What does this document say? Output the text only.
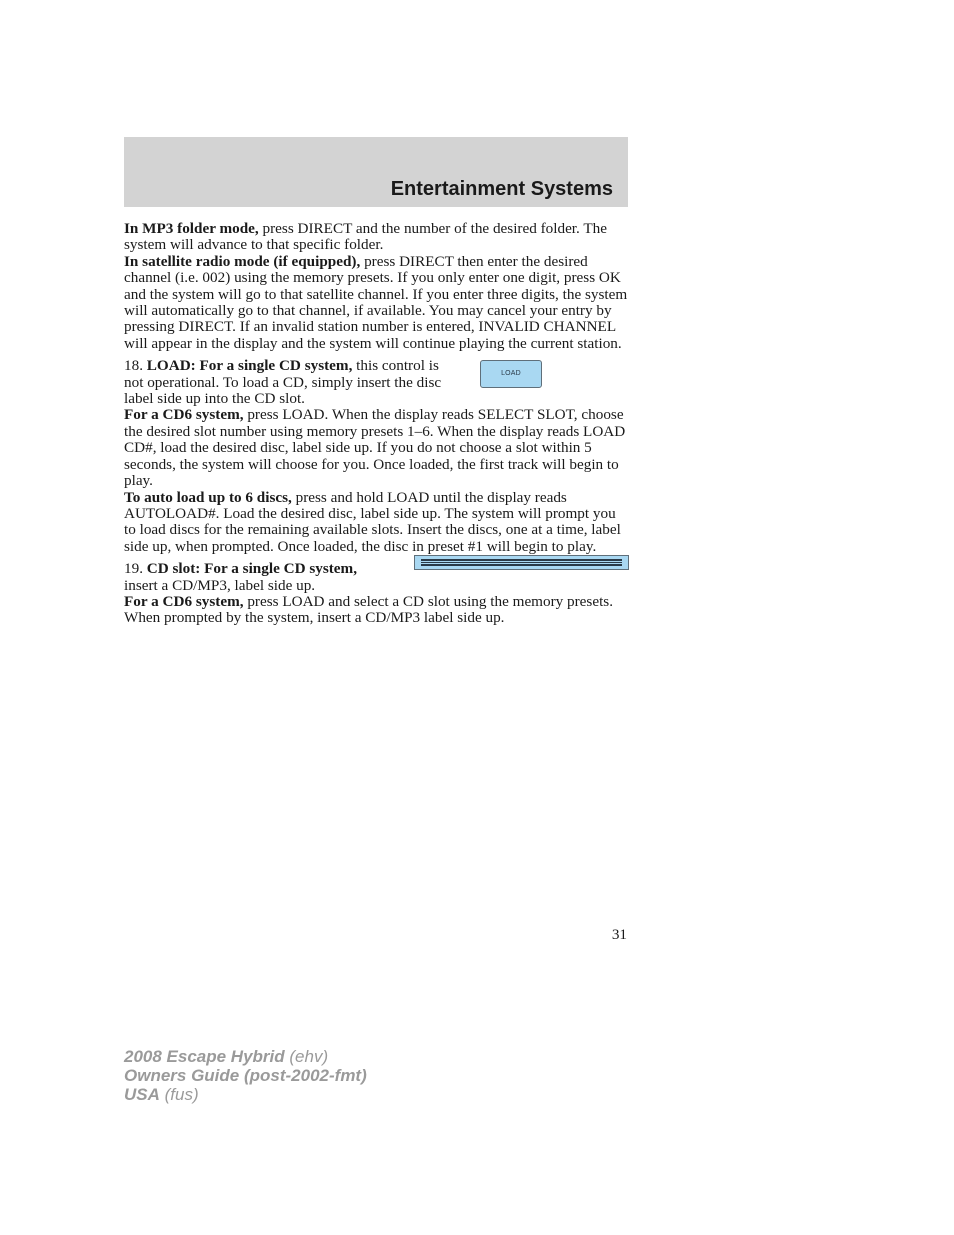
Entertainment Systems

In MP3 folder mode, press DIRECT and the number of the desired folder. The system will advance to that specific folder.

In satellite radio mode (if equipped), press DIRECT then enter the desired channel (i.e. 002) using the memory presets. If you only enter one digit, press OK and the system will go to that satellite channel. If you enter three digits, the system will automatically go to that channel, if available. You may cancel your entry by pressing DIRECT. If an invalid station number is entered, INVALID CHANNEL will appear in the display and the system will continue playing the current station.

LOAD

18. LOAD: For a single CD system, this control is not operational. To load a CD, simply insert the disc label side up into the CD slot.

For a CD6 system, press LOAD. When the display reads SELECT SLOT, choose the desired slot number using memory presets 1–6. When the display reads LOAD CD#, load the desired disc, label side up. If you do not choose a slot within 5 seconds, the system will choose for you. Once loaded, the first track will begin to play.

To auto load up to 6 discs, press and hold LOAD until the display reads AUTOLOAD#. Load the desired disc, label side up. The system will prompt you to load discs for the remaining available slots. Insert the discs, one at a time, label side up, when prompted. Once loaded, the disc in preset #1 will begin to play.

19. CD slot: For a single CD system, insert a CD/MP3, label side up.

For a CD6 system, press LOAD and select a CD slot using the memory presets. When prompted by the system, insert a CD/MP3 label side up.

31
2008 Escape Hybrid (ehv)
Owners Guide (post-2002-fmt)
USA (fus)
